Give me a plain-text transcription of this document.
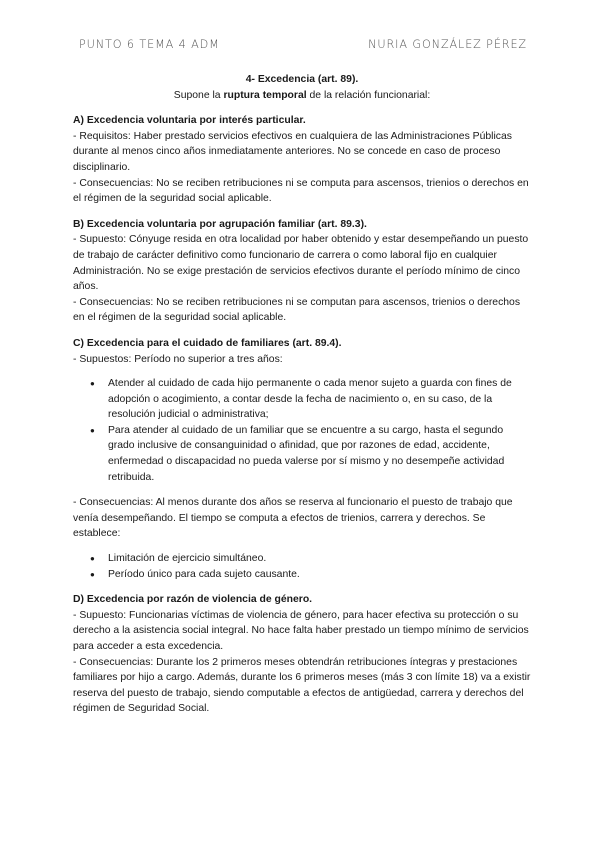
PUNTO 6 TEMA 4 ADM	NURIA GONZÁLEZ PÉREZ
4- Excedencia (art. 89).
Supone la ruptura temporal de la relación funcionarial:
A) Excedencia voluntaria por interés particular.

- Requisitos: Haber prestado servicios efectivos en cualquiera de las Administraciones Públicas durante al menos cinco años inmediatamente anteriores. No se concede en caso de proceso disciplinario.

- Consecuencias: No se reciben retribuciones ni se computa para ascensos, trienios o derechos en el régimen de la seguridad social aplicable.

B) Excedencia voluntaria por agrupación familiar (art. 89.3).

- Supuesto: Cónyuge resida en otra localidad por haber obtenido y estar desempeñando un puesto de trabajo de carácter definitivo como funcionario de carrera o como laboral fijo en cualquier Administración. No se exige prestación de servicios efectivos durante el período mínimo de cinco años.

- Consecuencias: No se reciben retribuciones ni se computan para ascensos, trienios o derechos en el régimen de la seguridad social aplicable.

C) Excedencia para el cuidado de familiares (art. 89.4).

- Supuestos: Período no superior a tres años:

● Atender al cuidado de cada hijo permanente o cada menor sujeto a guarda con fines de adopción o acogimiento, a contar desde la fecha de nacimiento o, en su caso, de la resolución judicial o administrativa;
● Para atender al cuidado de un familiar que se encuentre a su cargo, hasta el segundo grado inclusive de consanguinidad o afinidad, que por razones de edad, accidente, enfermedad o discapacidad no pueda valerse por sí mismo y no desempeñe actividad retribuida.

- Consecuencias: Al menos durante dos años se reserva al funcionario el puesto de trabajo que venía desempeñando. El tiempo se computa a efectos de trienios, carrera y derechos. Se establece:

● Limitación de ejercicio simultáneo.
● Período único para cada sujeto causante.
D) Excedencia por razón de violencia de género.

- Supuesto: Funcionarias víctimas de violencia de género, para hacer efectiva su protección o su derecho a la asistencia social integral. No hace falta haber prestado un tiempo mínimo de servicios para acceder a esta excedencia.

- Consecuencias: Durante los 2 primeros meses obtendrán retribuciones íntegras y prestaciones familiares por hijo a cargo. Además, durante los 6 primeros meses (más 3 con límite 18) va a existir reserva del puesto de trabajo, siendo computable a efectos de antigüedad, carrera y derechos del régimen de Seguridad Social.
